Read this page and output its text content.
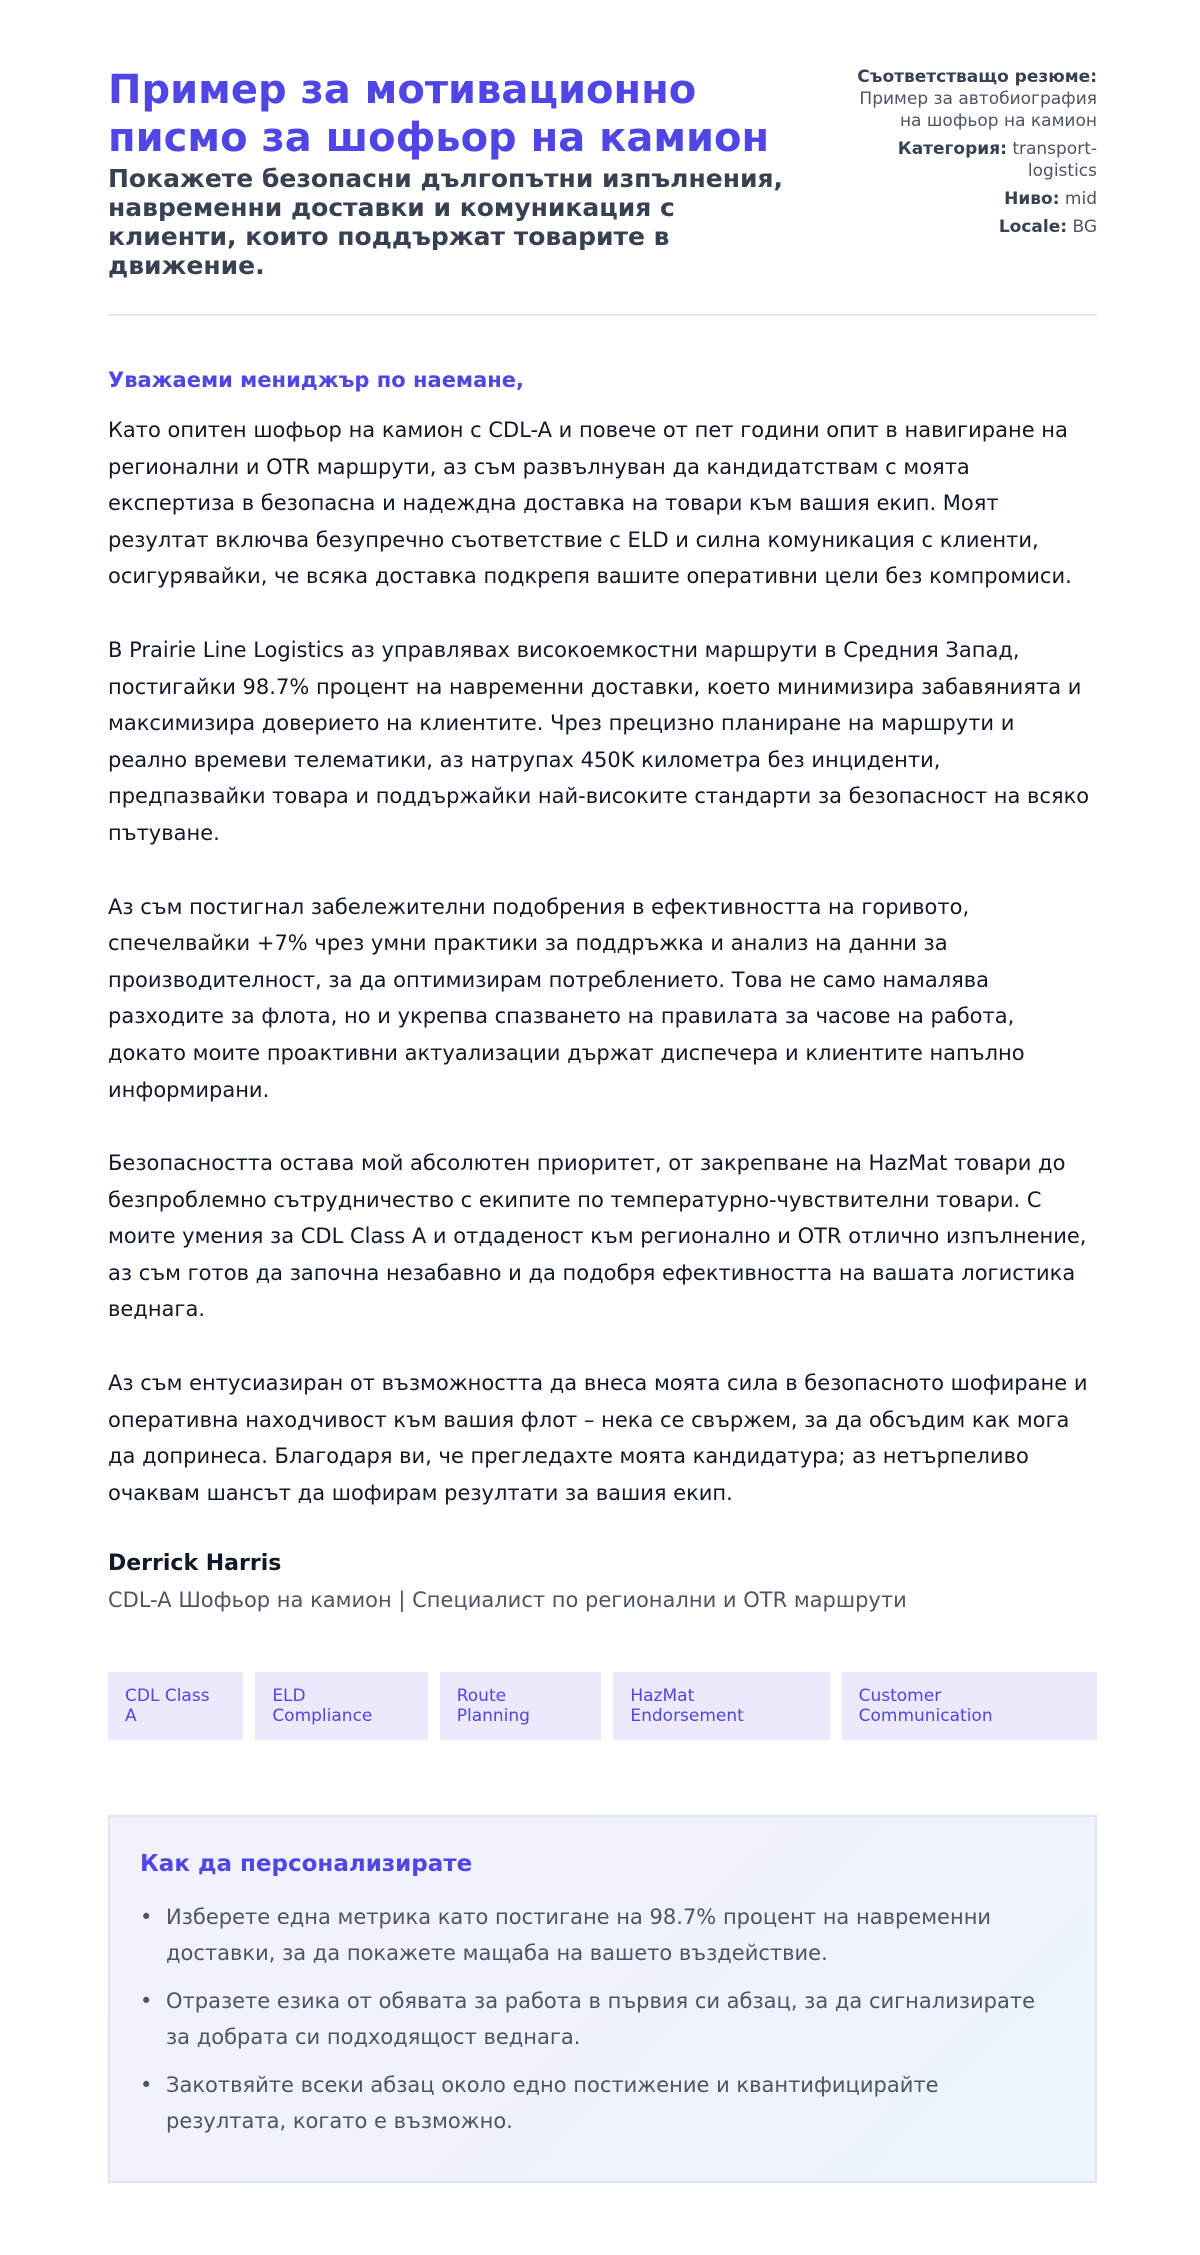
Пример за мотивационно писмо за шофьор на камион
Покажете безопасни дългопътни изпълнения, навременни доставки и комуникация с клиенти, които поддържат товарите в движение.
Съответстващо резюме:
Пример за автобиография на шофьор на камион
Категория: transport-logistics
Ниво: mid
Locale: BG
Уважаеми мениджър по наемане,

Като опитен шофьор на камион с CDL-A и повече от пет години опит в навигиране на регионални и OTR маршрути, аз съм развълнуван да кандидатствам с моята експертиза в безопасна и надеждна доставка на товари към вашия екип. Моят резултат включва безупречно съответствие с ELD и силна комуникация с клиенти, осигурявайки, че всяка доставка подкрепя вашите оперативни цели без компромиси.

В Prairie Line Logistics аз управлявах високоемкостни маршрути в Средния Запад, постигайки 98.7% процент на навременни доставки, което минимизира забавянията и максимизира доверието на клиентите. Чрез прецизно планиране на маршрути и реално времеви телематики, аз натрупах 450K километра без инциденти, предпазвайки товара и поддържайки най-високите стандарти за безопасност на всяко пътуване.

Аз съм постигнал забележителни подобрения в ефективността на горивото, спечелвайки +7% чрез умни практики за поддръжка и анализ на данни за производителност, за да оптимизирам потреблението. Това не само намалява разходите за флота, но и укрепва спазването на правилата за часове на работа, докато моите проактивни актуализации държат диспечера и клиентите напълно информирани.

Безопасността остава мой абсолютен приоритет, от закрепване на HazMat товари до безпроблемно сътрудничество с екипите по температурно-чувствителни товари. С моите умения за CDL Class A и отдаденост към регионално и OTR отлично изпълнение, аз съм готов да започна незабавно и да подобря ефективността на вашата логистика веднага.

Аз съм ентусиазиран от възможността да внеса моята сила в безопасното шофиране и оперативна находчивост към вашия флот – нека се свържем, за да обсъдим как мога да допринеса. Благодаря ви, че прегледахте моята кандидатура; аз нетърпеливо очаквам шансът да шофирам резултати за вашия екип.

Derrick Harris
CDL-A Шофьор на камион | Специалист по регионални и OTR маршрути
CDL Class A
ELD Compliance
Route Planning
HazMat Endorsement
Customer Communication
Как да персонализирате
• Изберете една метрика като постигане на 98.7% процент на навременни доставки, за да покажете мащаба на вашето въздействие.
• Отразете езика от обявата за работа в първия си абзац, за да сигнализирате за добрата си подходящост веднага.
• Закотвяйте всеки абзац около едно постижение и квантифицирайте резултата, когато е възможно.
